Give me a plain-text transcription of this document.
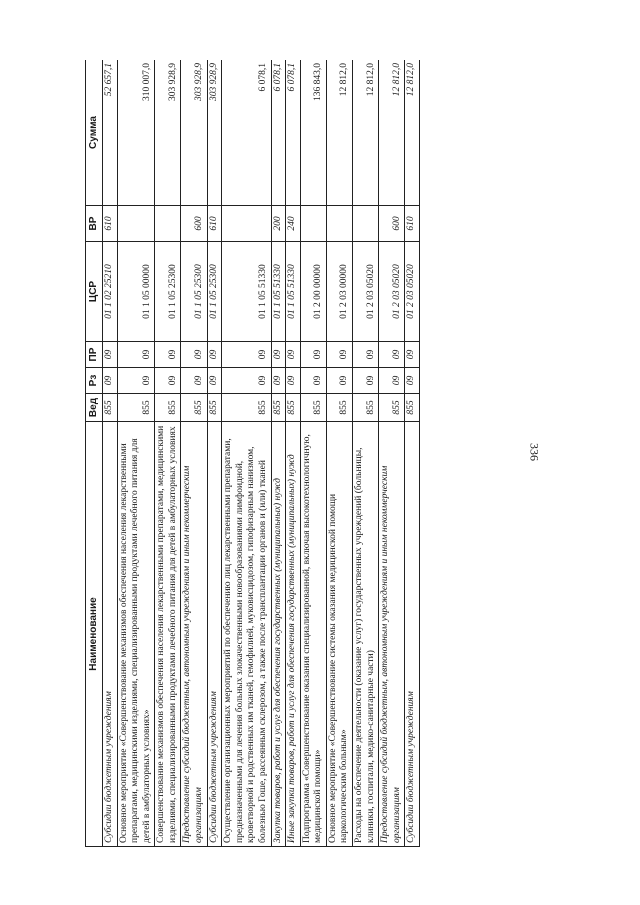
336
Наименование	Вед	Рз	ПР	ЦСР	ВР	Сумма
Субсидии бюджетным учреждениям	855	09	09	01 1 02 25210	610	52 657,1
Основное мероприятие «Совершенствование механизмов обеспечения населения лекарственными препаратами, медицинскими изделиями, специализированными продуктами лечебного питания для детей в амбулаторных условиях»	855	09	09	01 1 05 00000		310 007,0
Совершенствование механизмов обеспечения населения лекарственными препаратами, медицинскими изделиями, специализированными продуктами лечебного питания для детей в амбулаторных условиях	855	09	09	01 1 05 25300		303 928,9
Предоставление субсидий бюджетным, автономным учреждениям и иным некоммерческим организациям	855	09	09	01 1 05 25300	600	303 928,9
Субсидии бюджетным учреждениям	855	09	09	01 1 05 25300	610	303 928,9
Осуществление организационных мероприятий по обеспечению лиц лекарственными препаратами, предназначенными для лечения больных злокачественными новообразованиями лимфоидной, кроветворной и родственных им тканей, гемофилией, муковисцидозом, гипофизарным нанизмом, болезнью Гоше, рассеянным склерозом, а также после трансплантации органов и (или) тканей	855	09	09	01 1 05 51330		6 078,1
Закупка товаров, работ и услуг для обеспечения государственных (муниципальных) нужд	855	09	09	01 1 05 51330	200	6 078,1
Иные закупки товаров, работ и услуг для обеспечения государственных (муниципальных) нужд	855	09	09	01 1 05 51330	240	6 078,1
Подпрограмма «Совершенствование оказания специализированной, включая высокотехнологичную, медицинской помощи»	855	09	09	01 2 00 00000		136 843,0
Основное мероприятие «Совершенствование системы оказания медицинской помощи наркологическим больным»	855	09	09	01 2 03 00000		12 812,0
Расходы на обеспечение деятельности (оказание услуг) государственных учреждений (больницы, клиники, госпитали, медико-санитарные части)	855	09	09	01 2 03 05020		12 812,0
Предоставление субсидий бюджетным, автономным учреждениям и иным некоммерческим организациям	855	09	09	01 2 03 05020	600	12 812,0
Субсидии бюджетным учреждениям	855	09	09	01 2 03 05020	610	12 812,0
